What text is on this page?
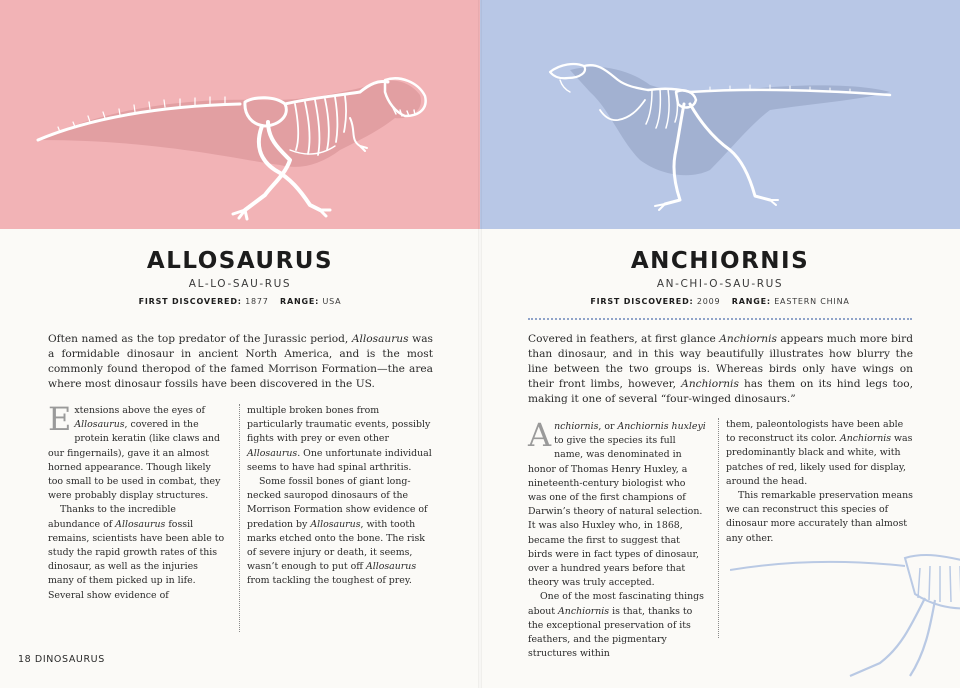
ALLOSAURUS
AL-LO-SAU-RUS
FIRST DISCOVERED: 1877 RANGE: USA
Often named as the top predator of the Jurassic period, Allosaurus was a formidable dinosaur in ancient North America, and is the most commonly found theropod of the famed Morrison Formation—the area where most dinosaur fossils have been discovered in the US.

Extensions above the eyes of Allosaurus, covered in the protein keratin (like claws and our fingernails), gave it an almost horned appearance. Though likely too small to be used in combat, they were probably display structures.

Thanks to the incredible abundance of Allosaurus fossil remains, scientists have been able to study the rapid growth rates of this dinosaur, as well as the injuries many of them picked up in life. Several show evidence of

multiple broken bones from particularly traumatic events, possibly fights with prey or even other Allosaurus. One unfortunate individual seems to have had spinal arthritis.

Some fossil bones of giant long-necked sauropod dinosaurs of the Morrison Formation show evidence of predation by Allosaurus, with tooth marks etched onto the bone. The risk of severe injury or death, it seems, wasn’t enough to put off Allosaurus from tackling the toughest of prey.

18 DINOSAURUS
ANCHIORNIS
AN-CHI-O-SAU-RUS
FIRST DISCOVERED: 2009 RANGE: EASTERN CHINA
Covered in feathers, at first glance Anchiornis appears much more bird than dinosaur, and in this way beautifully illustrates how blurry the line between the two groups is. Whereas birds only have wings on their front limbs, however, Anchiornis has them on its hind legs too, making it one of several “four-winged dinosaurs.”

Anchiornis, or Anchiornis huxleyi to give the species its full name, was denominated in honor of Thomas Henry Huxley, a nineteenth-century biologist who was one of the first champions of Darwin’s theory of natural selection. It was also Huxley who, in 1868, became the first to suggest that birds were in fact types of dinosaur, over a hundred years before that theory was truly accepted.

One of the most fascinating things about Anchiornis is that, thanks to the exceptional preservation of its feathers, and the pigmentary structures within

them, paleontologists have been able to reconstruct its color. Anchiornis was predominantly black and white, with patches of red, likely used for display, around the head.

This remarkable preservation means we can reconstruct this species of dinosaur more accurately than almost any other.
